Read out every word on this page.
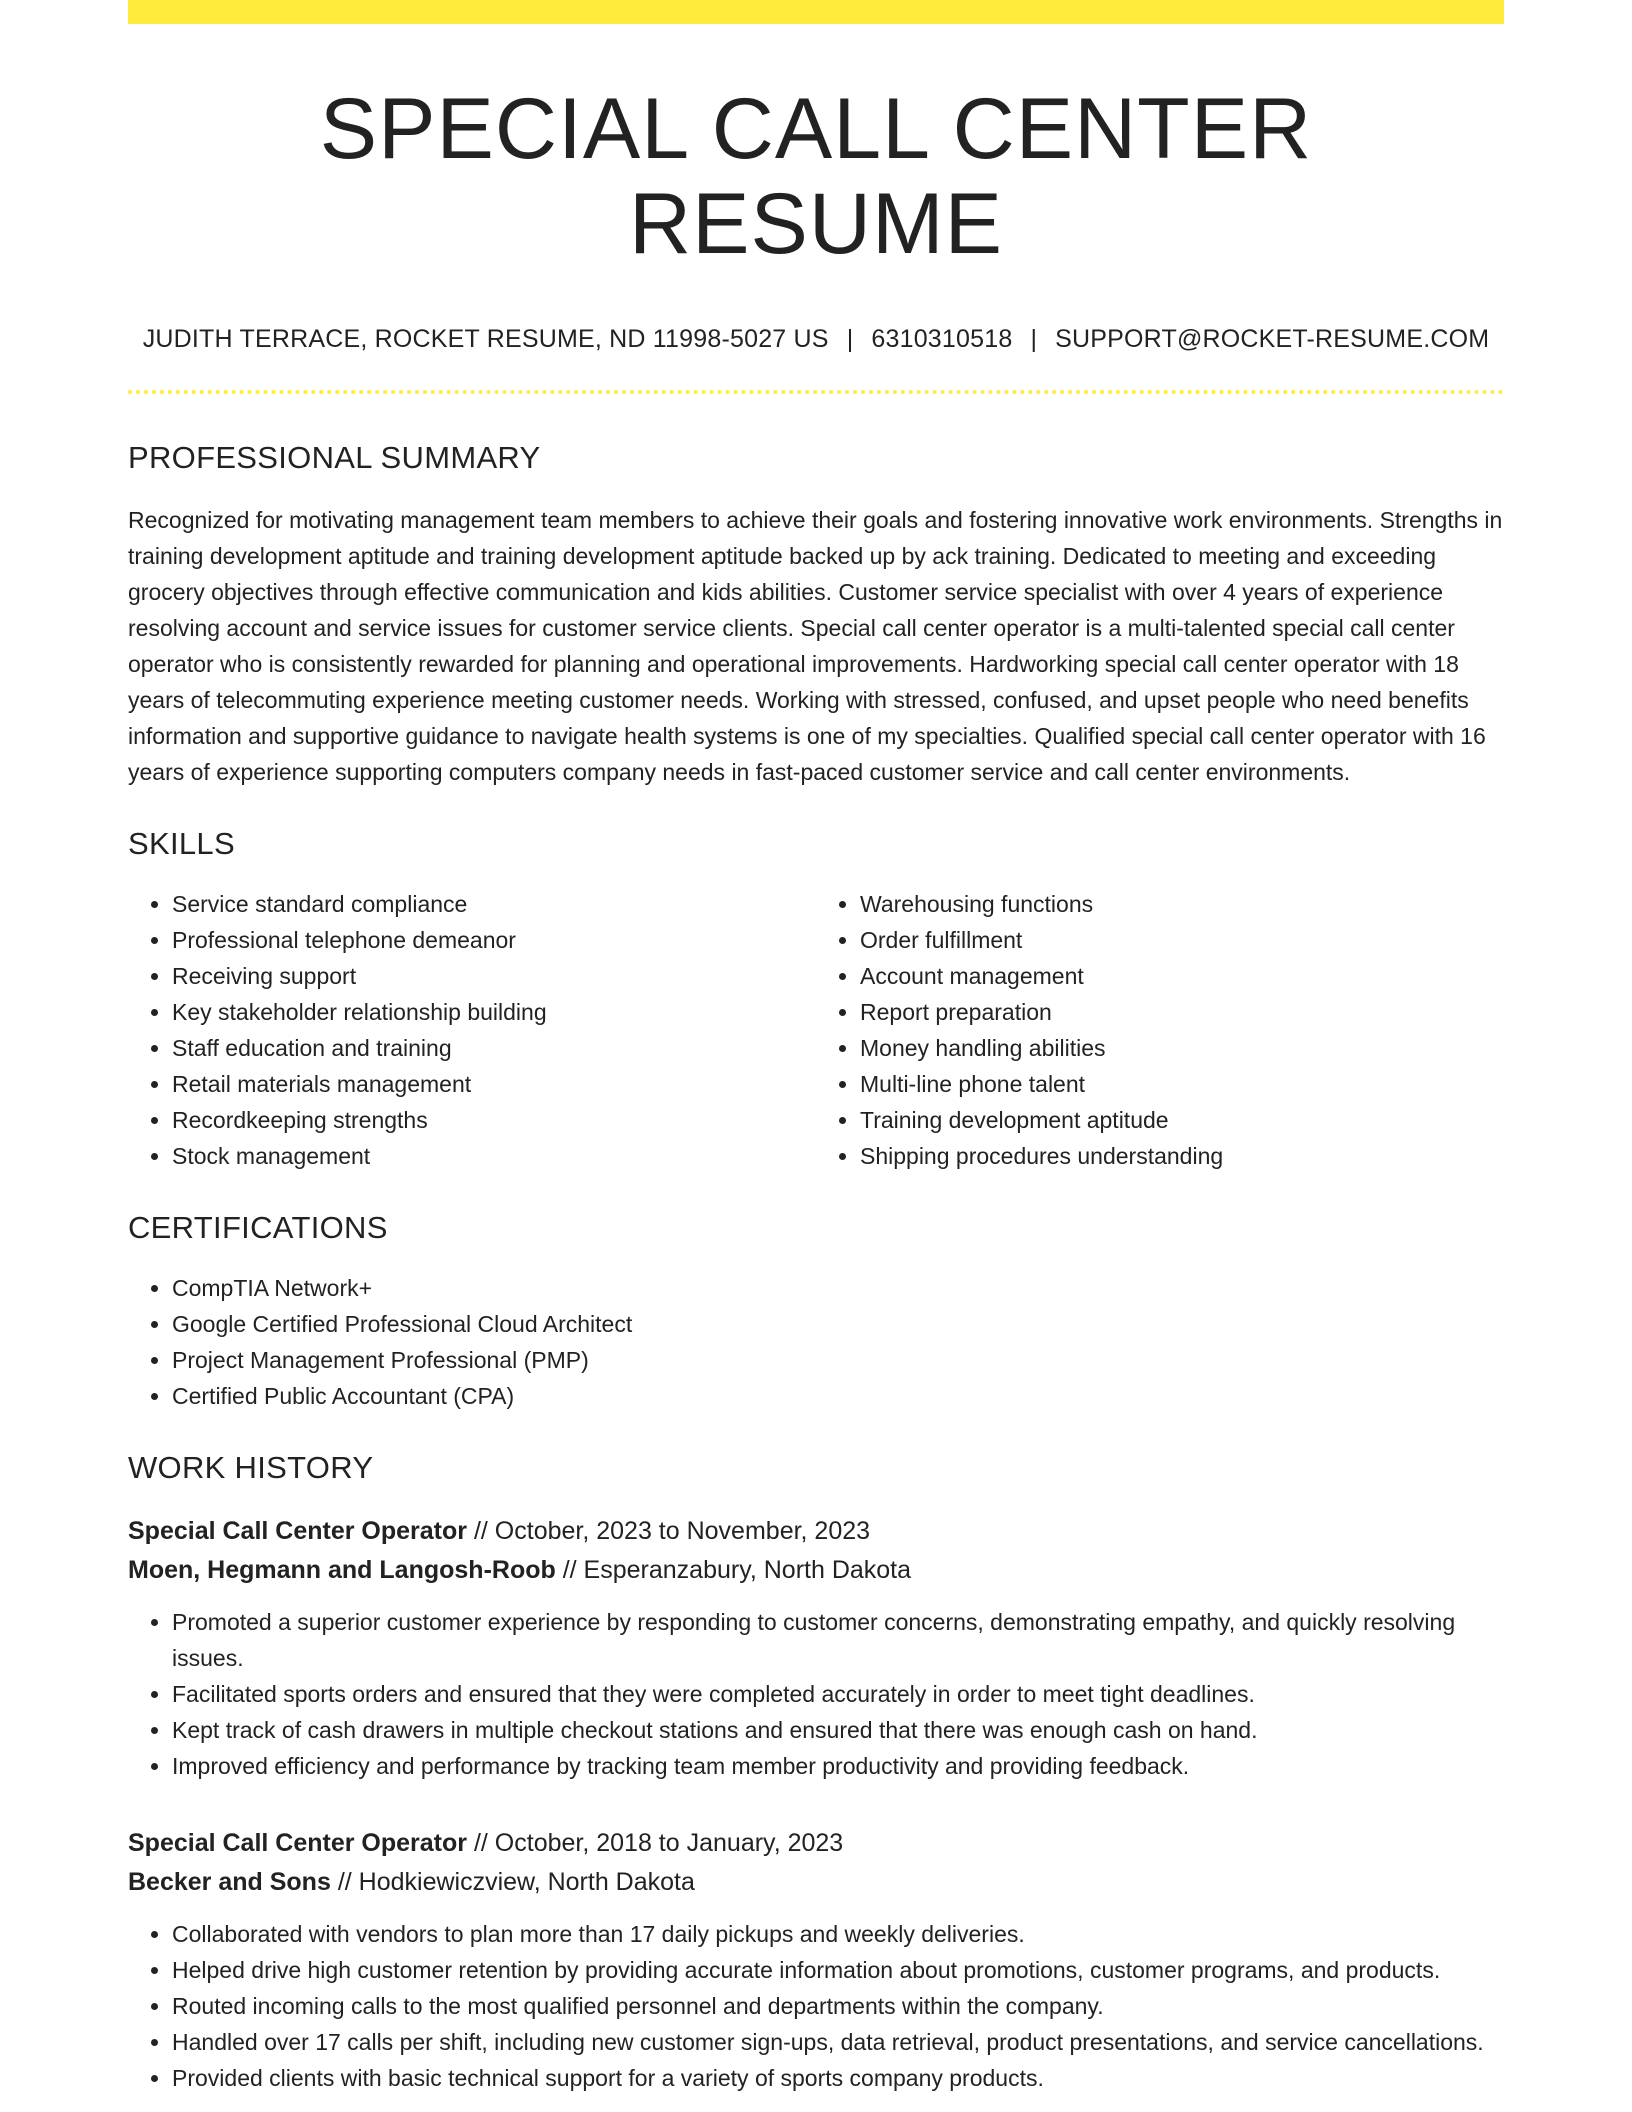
SPECIAL CALL CENTER RESUME
JUDITH TERRACE, ROCKET RESUME, ND 11998-5027 US | 6310310518 | SUPPORT@ROCKET-RESUME.COM
PROFESSIONAL SUMMARY
Recognized for motivating management team members to achieve their goals and fostering innovative work environments. Strengths in training development aptitude and training development aptitude backed up by ack training. Dedicated to meeting and exceeding grocery objectives through effective communication and kids abilities. Customer service specialist with over 4 years of experience resolving account and service issues for customer service clients. Special call center operator is a multi-talented special call center operator who is consistently rewarded for planning and operational improvements. Hardworking special call center operator with 18 years of telecommuting experience meeting customer needs. Working with stressed, confused, and upset people who need benefits information and supportive guidance to navigate health systems is one of my specialties. Qualified special call center operator with 16 years of experience supporting computers company needs in fast-paced customer service and call center environments.
SKILLS
• Service standard compliance
• Professional telephone demeanor
• Receiving support
• Key stakeholder relationship building
• Staff education and training
• Retail materials management
• Recordkeeping strengths
• Stock management
• Warehousing functions
• Order fulfillment
• Account management
• Report preparation
• Money handling abilities
• Multi-line phone talent
• Training development aptitude
• Shipping procedures understanding
CERTIFICATIONS
• CompTIA Network+
• Google Certified Professional Cloud Architect
• Project Management Professional (PMP)
• Certified Public Accountant (CPA)
WORK HISTORY
Special Call Center Operator // October, 2023 to November, 2023
Moen, Hegmann and Langosh-Roob // Esperanzabury, North Dakota
• Promoted a superior customer experience by responding to customer concerns, demonstrating empathy, and quickly resolving issues.
• Facilitated sports orders and ensured that they were completed accurately in order to meet tight deadlines.
• Kept track of cash drawers in multiple checkout stations and ensured that there was enough cash on hand.
• Improved efficiency and performance by tracking team member productivity and providing feedback.
Special Call Center Operator // October, 2018 to January, 2023
Becker and Sons // Hodkiewiczview, North Dakota
• Collaborated with vendors to plan more than 17 daily pickups and weekly deliveries.
• Helped drive high customer retention by providing accurate information about promotions, customer programs, and products.
• Routed incoming calls to the most qualified personnel and departments within the company.
• Handled over 17 calls per shift, including new customer sign-ups, data retrieval, product presentations, and service cancellations.
• Provided clients with basic technical support for a variety of sports company products.
